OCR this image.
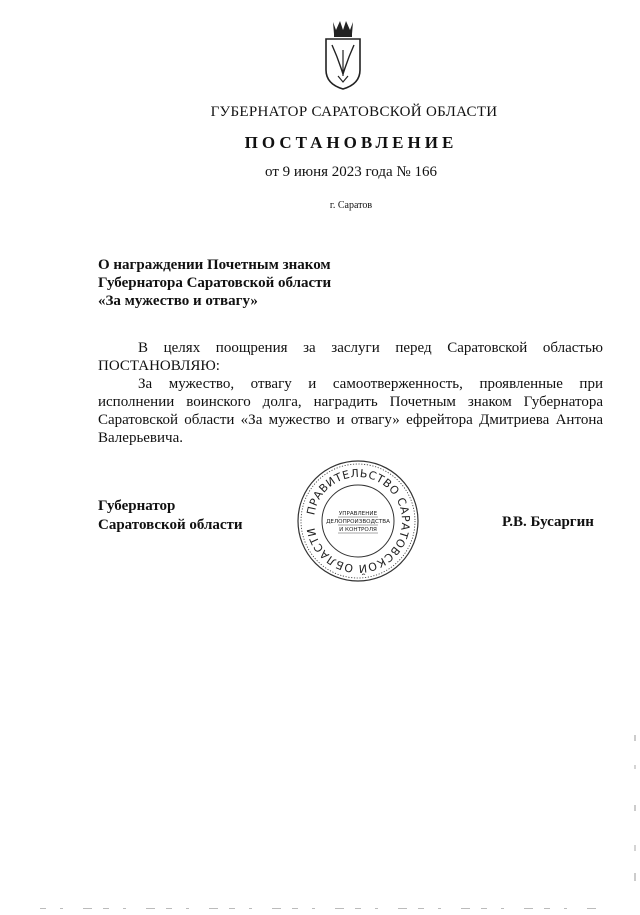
ГУБЕРНАТОР САРАТОВСКОЙ ОБЛАСТИ
ПОСТАНОВЛЕНИЕ
от 9 июня 2023 года № 166
г. Саратов
О награждении Почетным знаком
Губернатора Саратовской области
«За мужество и отвагу»

В целях поощрения за заслуги перед Саратовской областью

ПОСТАНОВЛЯЮ:

За мужество, отвагу и самоотверженность, проявленные при исполнении воинского долга, наградить Почетным знаком Губернатора Саратовской области «За мужество и отвагу» ефрейтора Дмитриева Антона Валерьевича.

Губернатор
Саратовской области
ПРАВИТЕЛЬСТВО САРАТОВСКОЙ ОБЛАСТИ
УПРАВЛЕНИЕ
ДЕЛОПРОИЗВОДСТВА
И КОНТРОЛЯ	Р.В. Бусаргин
